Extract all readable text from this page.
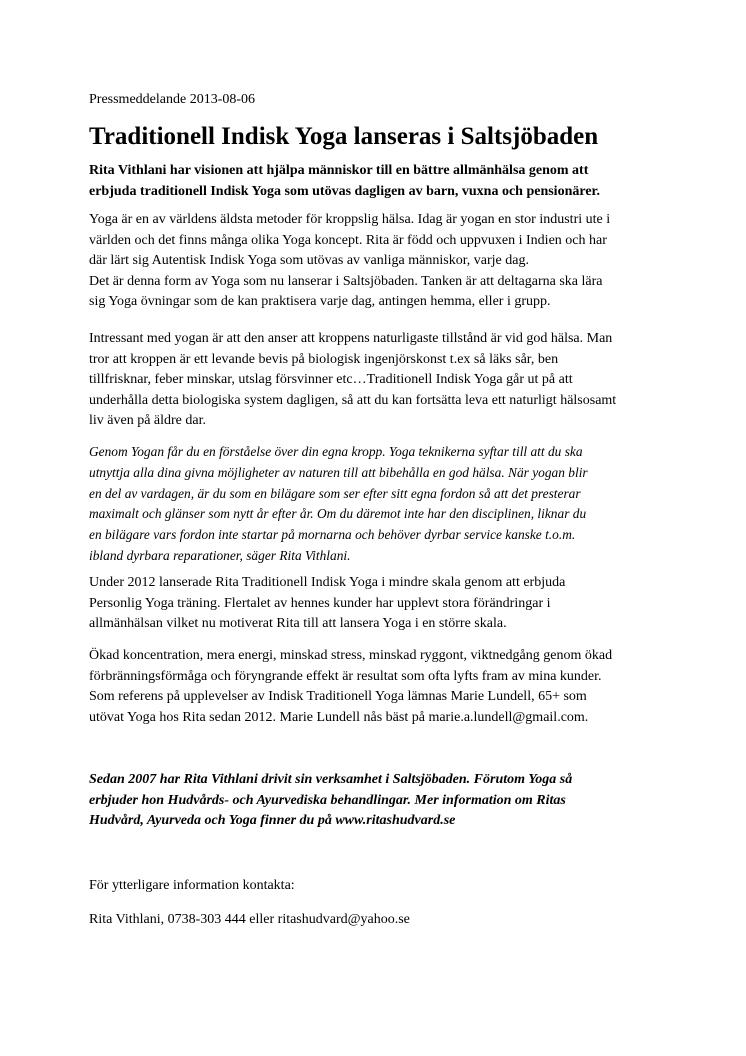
Pressmeddelande 2013-08-06
Traditionell Indisk Yoga lanseras i Saltsjöbaden

Rita Vithlani har visionen att hjälpa människor till en bättre allmänhälsa genom att
erbjuda traditionell Indisk Yoga som utövas dagligen av barn, vuxna och pensionärer.

Yoga är en av världens äldsta metoder för kroppslig hälsa. Idag är yogan en stor industri ute i
världen och det finns många olika Yoga koncept. Rita är född och uppvuxen i Indien och har
där lärt sig Autentisk Indisk Yoga som utövas av vanliga människor, varje dag.
Det är denna form av Yoga som nu lanserar i Saltsjöbaden. Tanken är att deltagarna ska lära
sig Yoga övningar som de kan praktisera varje dag, antingen hemma, eller i grupp.

Intressant med yogan är att den anser att kroppens naturligaste tillstånd är vid god hälsa. Man
tror att kroppen är ett levande bevis på biologisk ingenjörskonst t.ex så läks sår, ben
tillfrisknar, feber minskar, utslag försvinner etc…Traditionell Indisk Yoga går ut på att
underhålla detta biologiska system dagligen, så att du kan fortsätta leva ett naturligt hälsosamt
liv även på äldre dar.

Genom Yogan får du en förståelse över din egna kropp. Yoga teknikerna syftar till att du ska
utnyttja alla dina givna möjligheter av naturen till att bibehålla en god hälsa. När yogan blir
en del av vardagen, är du som en bilägare som ser efter sitt egna fordon så att det presterar
maximalt och glänser som nytt år efter år. Om du däremot inte har den disciplinen, liknar du
en bilägare vars fordon inte startar på mornarna och behöver dyrbar service kanske t.o.m.
ibland dyrbara reparationer, säger Rita Vithlani.

Under 2012 lanserade Rita Traditionell Indisk Yoga i mindre skala genom att erbjuda
Personlig Yoga träning. Flertalet av hennes kunder har upplevt stora förändringar i
allmänhälsan vilket nu motiverat Rita till att lansera Yoga i en större skala.

Ökad koncentration, mera energi, minskad stress, minskad ryggont, viktnedgång genom ökad
förbränningsförmåga och föryngrande effekt är resultat som ofta lyfts fram av mina kunder.
Som referens på upplevelser av Indisk Traditionell Yoga lämnas Marie Lundell, 65+ som
utövat Yoga hos Rita sedan 2012. Marie Lundell nås bäst på marie.a.lundell@gmail.com.

Sedan 2007 har Rita Vithlani drivit sin verksamhet i Saltsjöbaden. Förutom Yoga så
erbjuder hon Hudvårds- och Ayurvediska behandlingar. Mer information om Ritas
Hudvård, Ayurveda och Yoga finner du på www.ritashudvard.se

För ytterligare information kontakta:

Rita Vithlani, 0738-303 444 eller ritashudvard@yahoo.se
